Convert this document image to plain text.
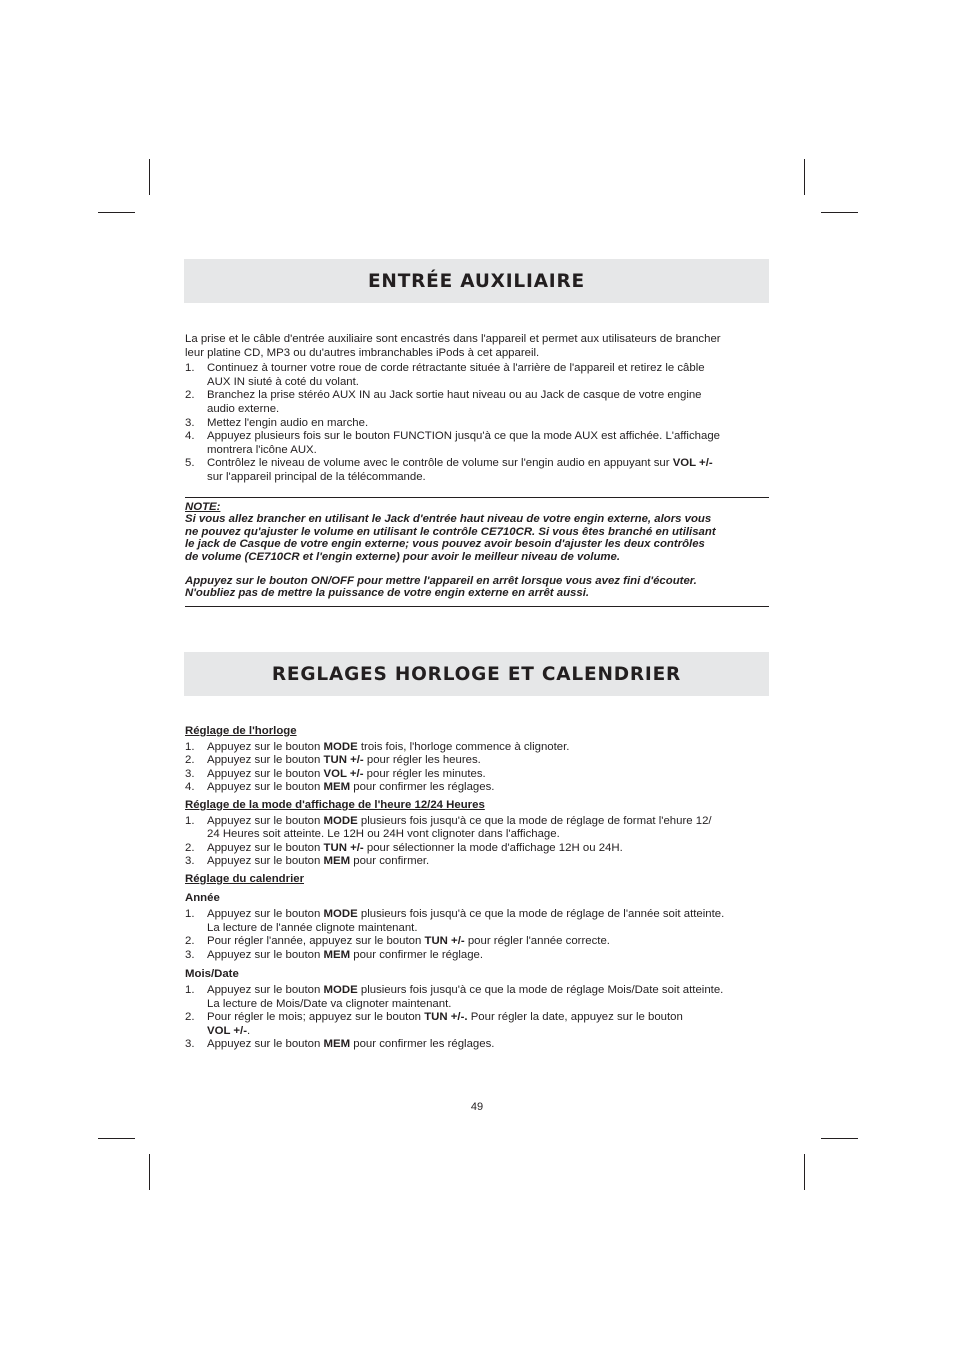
ENTRÉE AUXILIAIRE

La prise et le câble d'entrée auxiliaire sont encastrés dans l'appareil et permet aux utilisateurs de brancher

leur platine CD, MP3 ou du'autres imbranchables iPods à cet appareil.

1. Continuez à tourner votre roue de corde rétractante située à l'arrière de l'appareil et retirez le câble
AUX IN siuté à coté du volant.
2. Branchez la prise stéréo AUX IN au Jack sortie haut niveau ou au Jack de casque de votre engine
audio externe.
3. Mettez l'engin audio en marche.
4. Appuyez plusieurs fois sur le bouton FUNCTION jusqu'à ce que la mode AUX est affichée. L'affichage
montrera l'icône AUX.
5. Contrôlez le niveau de volume avec le contrôle de volume sur l'engin audio en appuyant sur VOL +/-
sur l'appareil principal de la télécommande.
NOTE:
Si vous allez brancher en utilisant le Jack d'entrée haut niveau de votre engin externe, alors vous
ne pouvez qu'ajuster le volume en utilisant le contrôle CE710CR. Si vous êtes branché en utilisant
le jack de Casque de votre engin externe; vous pouvez avoir besoin d'ajuster les deux contrôles
de volume (CE710CR et l'engin externe) pour avoir le meilleur niveau de volume.
Appuyez sur le bouton ON/OFF pour mettre l'appareil en arrêt lorsque vous avez fini d'écouter.
N'oubliez pas de mettre la puissance de votre engin externe en arrêt aussi.
REGLAGES HORLOGE ET CALENDRIER
Réglage de l'horloge
1. Appuyez sur le bouton MODE trois fois, l'horloge commence à clignoter.
2. Appuyez sur le bouton TUN +/- pour régler les heures.
3. Appuyez sur le bouton VOL +/- pour régler les minutes.
4. Appuyez sur le bouton MEM pour confirmer les réglages.
Réglage de la mode d'affichage de l'heure 12/24 Heures
1. Appuyez sur le bouton MODE plusieurs fois jusqu'à ce que la mode de réglage de format l'ehure 12/
24 Heures soit atteinte. Le 12H ou 24H vont clignoter dans l'affichage.
2. Appuyez sur le bouton TUN +/- pour sélectionner la mode d'affichage 12H ou 24H.
3. Appuyez sur le bouton MEM pour confirmer.
Réglage du calendrier
Année
1. Appuyez sur le bouton MODE plusieurs fois jusqu'à ce que la mode de réglage de l'année soit atteinte.
La lecture de l'année clignote maintenant.
2. Pour régler l'année, appuyez sur le bouton TUN +/- pour régler l'année correcte.
3. Appuyez sur le bouton MEM pour confirmer le réglage.
Mois/Date
1. Appuyez sur le bouton MODE plusieurs fois jusqu'à ce que la mode de réglage Mois/Date soit atteinte.
La lecture de Mois/Date va clignoter maintenant.
2. Pour régler le mois; appuyez sur le bouton TUN +/-. Pour régler la date, appuyez sur le bouton
VOL +/-.
3. Appuyez sur le bouton MEM pour confirmer les réglages.
49
